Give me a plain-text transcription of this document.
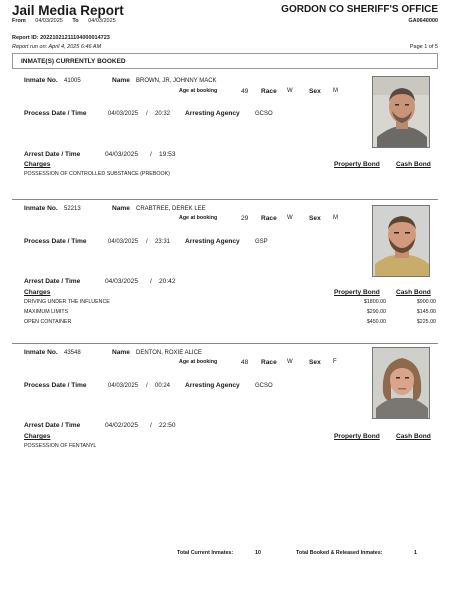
Jail Media Report	GORDON CO SHERIFF'S OFFICE
From 04/03/2025 To 04/03/2025	GA0640000
Report ID: 20221021211104000014723
Report run on: April 4, 2025 6:46 AM	Page 1 of 5
INMATE(S) CURRENTLY BOOKED
Inmate No. 41005	Name BROWN, JR, JOHNNY MACK
Age at booking	49 Race W Sex M
Process Date / Time	04/03/2025 / 20:32 Arresting Agency	GCSO
Arrest Date / Time	04/03/2025 / 19:53
Charges	Property Bond Cash Bond
POSSESSION OF CONTROLLED SUBSTANCE (PREBOOK)
Inmate No. 52213	Name CRABTREE, DEREK LEE
Age at booking	29 Race W Sex M
Process Date / Time	04/03/2025 / 23:31 Arresting Agency	GSP
Arrest Date / Time	04/03/2025 / 20:42
Charges	Property Bond Cash Bond
DRIVING UNDER THE INFLUENCE	$1800.00	$900.00
MAXIMUM LIMITS	$290.00	$145.00
OPEN CONTAINER	$450.00	$225.00
Inmate No. 43548	Name DENTON, ROXIE ALICE
Age at booking	48 Race W Sex F
Process Date / Time	04/03/2025 / 00:24 Arresting Agency	GCSO
Arrest Date / Time	04/02/2025 / 22:50
Charges	Property Bond Cash Bond
POSSESSION OF FENTANYL
Total Current Inmates:	10	Total Booked & Released Inmates:	1
